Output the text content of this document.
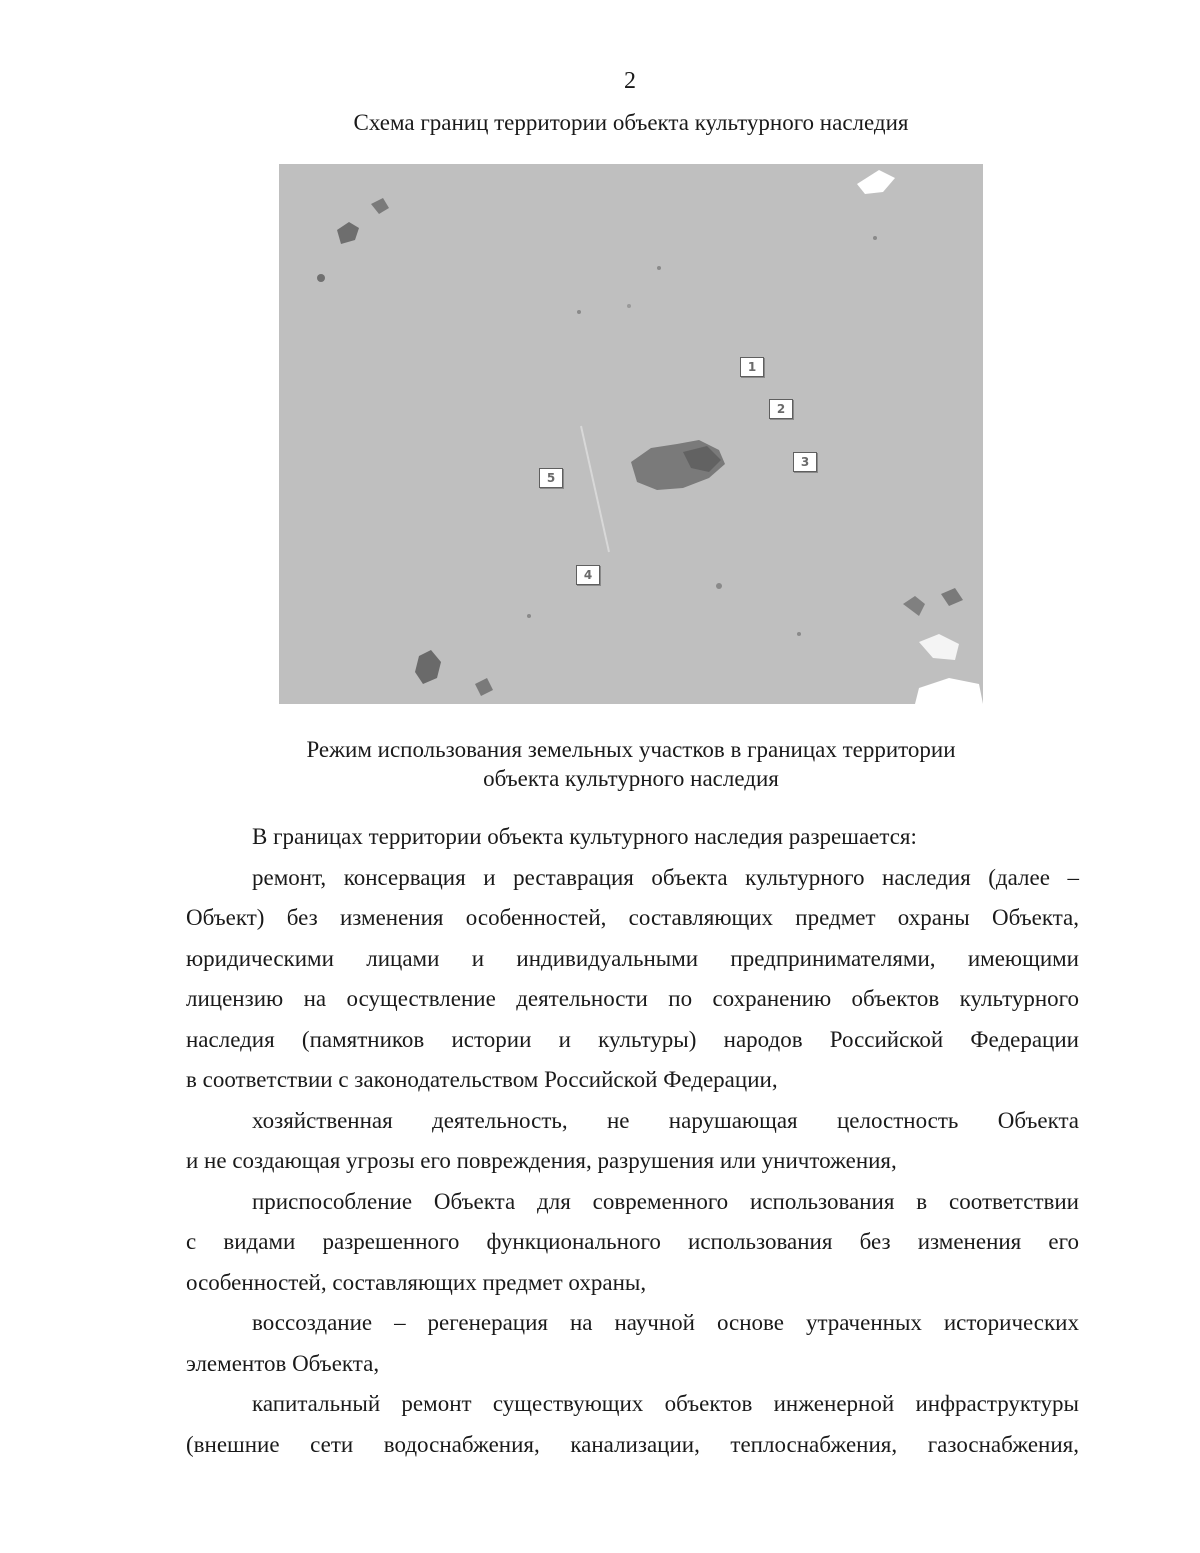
2
Схема границ территории объекта культурного наследия
1
2
3
4
5
Режим использования земельных участков в границах территории
объекта культурного наследия

В границах территории объекта культурного наследия разрешается:

ремонт, консервация и реставрация объекта культурного наследия (далее –
Объект) без изменения особенностей, составляющих предмет охраны Объекта,
юридическими лицами и индивидуальными предпринимателями, имеющими
лицензию на осуществление деятельности по сохранению объектов культурного
наследия (памятников истории и культуры) народов Российской Федерации
в соответствии с законодательством Российской Федерации,
хозяйственная деятельность, не нарушающая целостность Объекта
и не создающая угрозы его повреждения, разрушения или уничтожения,
приспособление Объекта для современного использования в соответствии
с видами разрешенного функционального использования без изменения его
особенностей, составляющих предмет охраны,
воссоздание – регенерация на научной основе утраченных исторических
элементов Объекта,
капитальный ремонт существующих объектов инженерной инфраструктуры
(внешние сети водоснабжения, канализации, теплоснабжения, газоснабжения,
